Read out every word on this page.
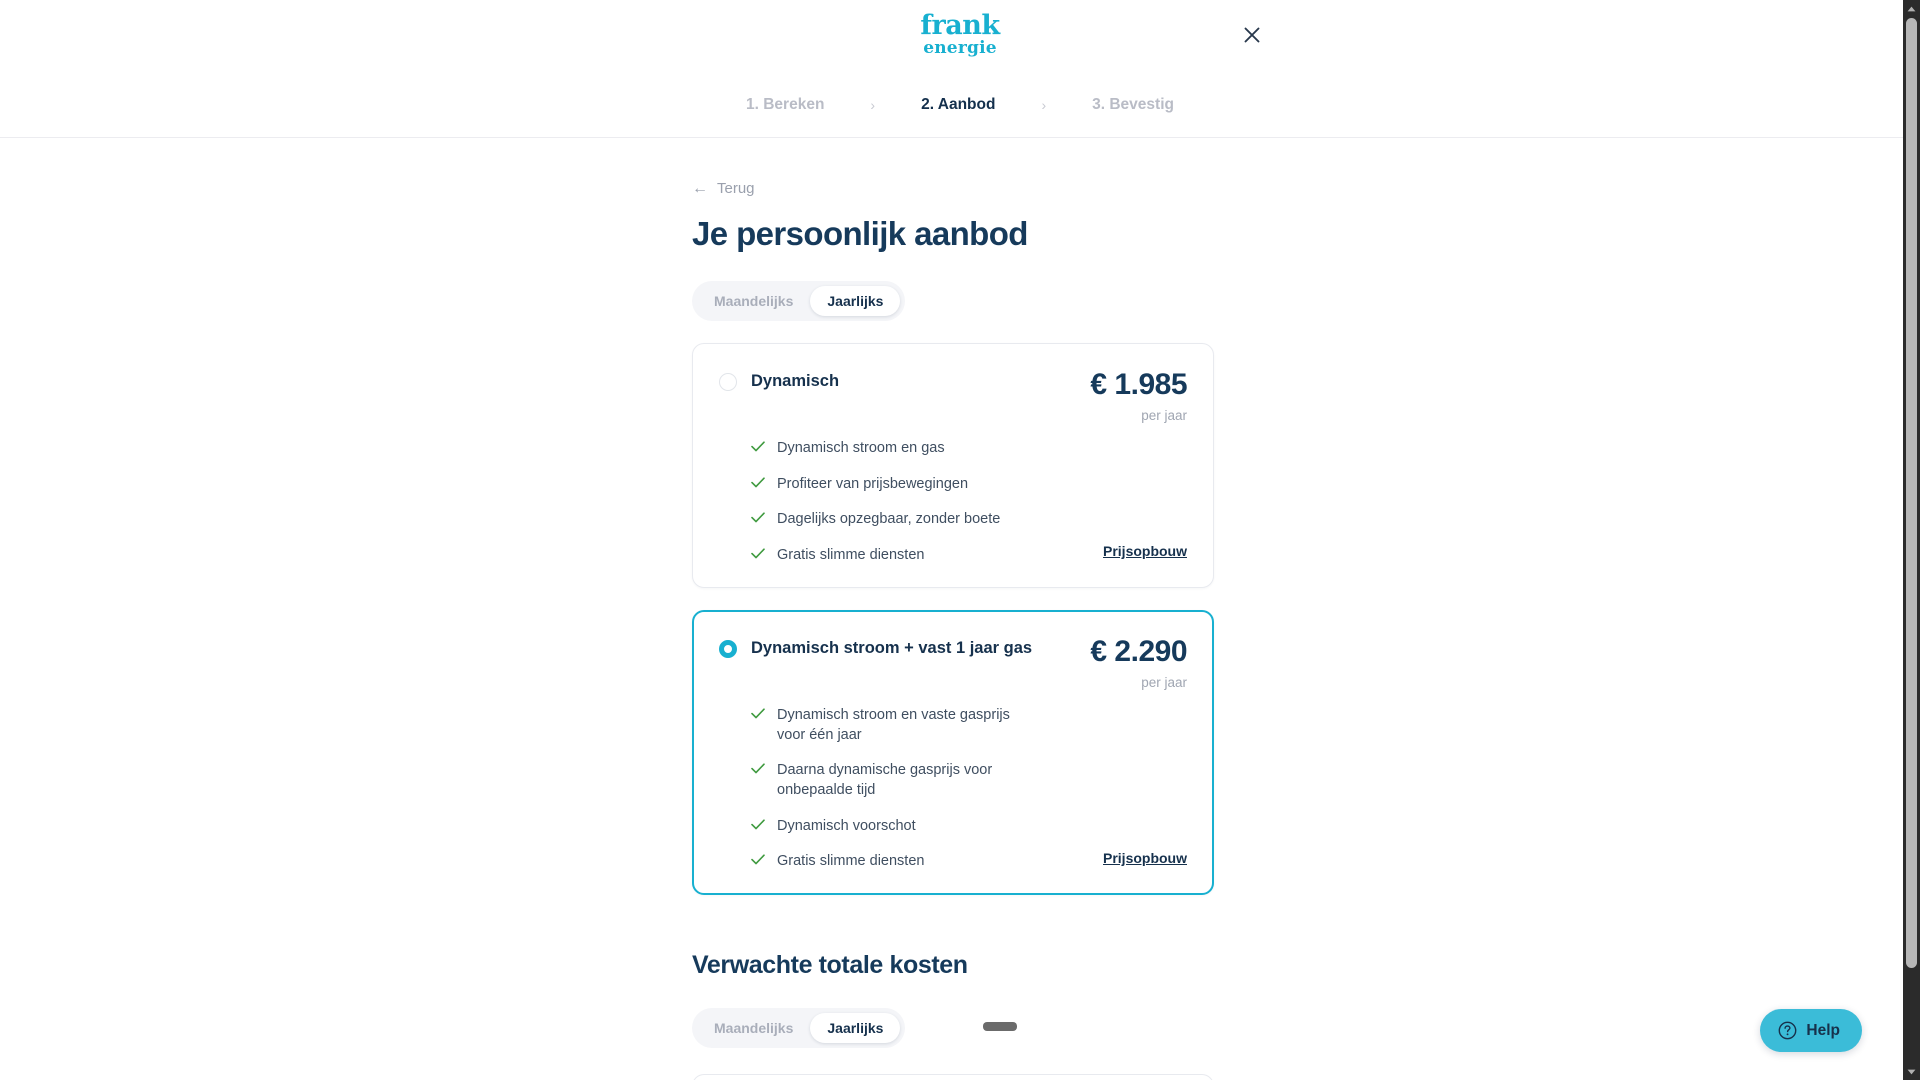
frank
energie
1. Bereken	›	2. Aanbod	›	3. Bevestig
← Terug
Je persoonlijk aanbod
Maandelijks	Jaarlijks
Dynamisch	€ 1.985
per jaar
Dynamisch stroom en gas
Profiteer van prijsbewegingen
Dagelijks opzegbaar, zonder boete
Gratis slimme diensten	Prijsopbouw
Dynamisch stroom + vast 1 jaar gas € 2.290
per jaar
Dynamisch stroom en vaste gasprijs voor één jaar
Daarna dynamische gasprijs voor onbepaalde tijd
Dynamisch voorschot
Gratis slimme diensten	Prijsopbouw
Verwachte totale kosten
Maandelijks	Jaarlijks	Help
